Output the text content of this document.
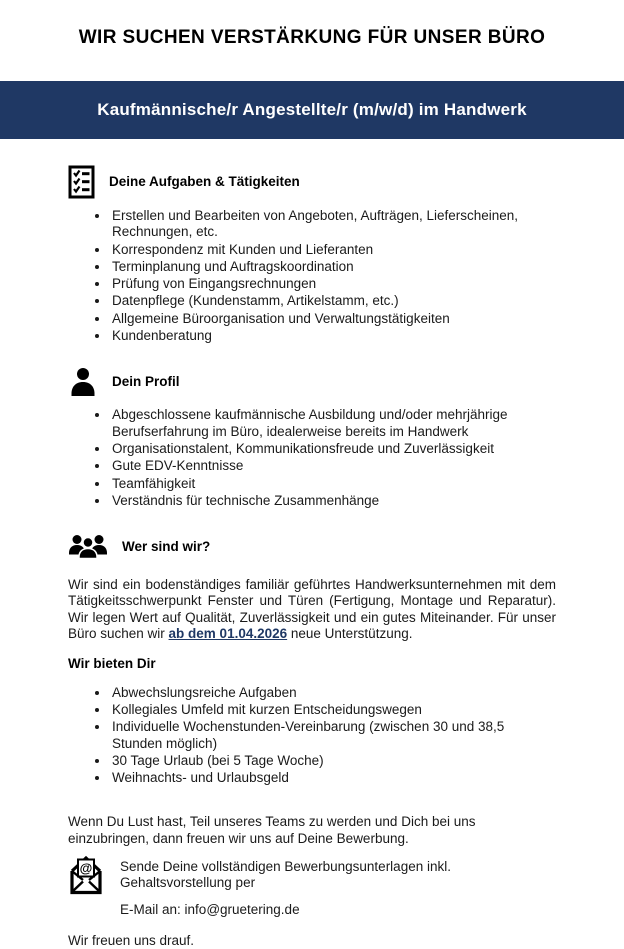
WIR SUCHEN VERSTÄRKUNG FÜR UNSER BÜRO
Kaufmännische/r Angestellte/r (m/w/d) im Handwerk
Deine Aufgaben & Tätigkeiten
• Erstellen und Bearbeiten von Angeboten, Aufträgen, Lieferscheinen, Rechnungen, etc.
• Korrespondenz mit Kunden und Lieferanten
• Terminplanung und Auftragskoordination
• Prüfung von Eingangsrechnungen
• Datenpflege (Kundenstamm, Artikelstamm, etc.)
• Allgemeine Büroorganisation und Verwaltungstätigkeiten
• Kundenberatung
Dein Profil
• Abgeschlossene kaufmännische Ausbildung und/oder mehrjährige Berufserfahrung im Büro, idealerweise bereits im Handwerk
• Organisationstalent, Kommunikationsfreude und Zuverlässigkeit
• Gute EDV-Kenntnisse
• Teamfähigkeit
• Verständnis für technische Zusammenhänge
Wer sind wir?
Wir sind ein bodenständiges familiär geführtes Handwerksunternehmen mit dem Tätigkeitsschwerpunkt Fenster und Türen (Fertigung, Montage und Reparatur). Wir legen Wert auf Qualität, Zuverlässigkeit und ein gutes Miteinander. Für unser Büro suchen wir ab dem 01.04.2026 neue Unterstützung.
Wir bieten Dir
• Abwechslungsreiche Aufgaben
• Kollegiales Umfeld mit kurzen Entscheidungswegen
• Individuelle Wochenstunden-Vereinbarung (zwischen 30 und 38,5 Stunden möglich)
• 30 Tage Urlaub (bei 5 Tage Woche)
• Weihnachts- und Urlaubsgeld
Wenn Du Lust hast, Teil unseres Teams zu werden und Dich bei uns einzubringen, dann freuen wir uns auf Deine Bewerbung.
@ Sende Deine vollständigen Bewerbungsunterlagen inkl. Gehaltsvorstellung per
E-Mail an: info@gruetering.de
Wir freuen uns drauf.
